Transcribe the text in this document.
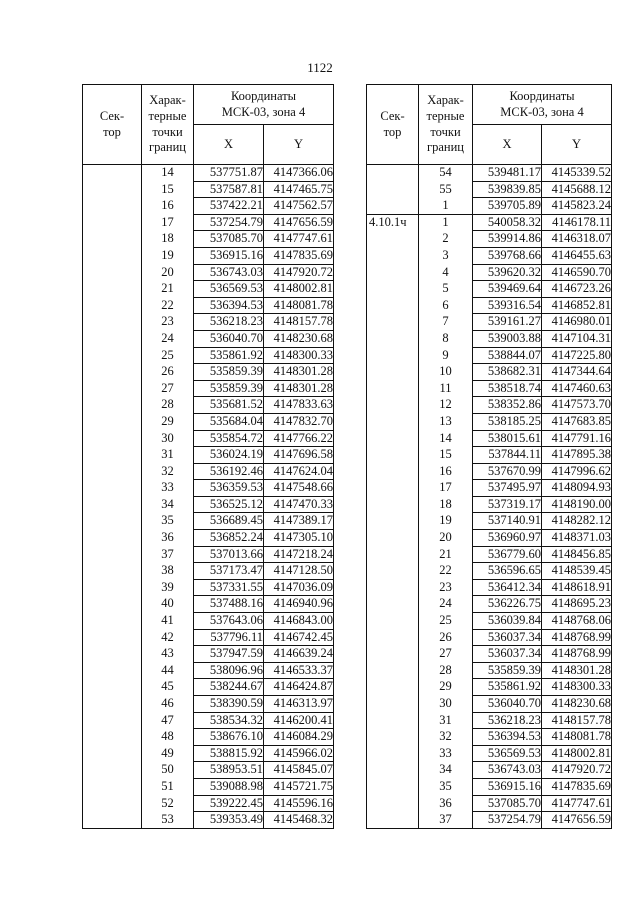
1122
Сек-
тор	Харак-
терные
точки
границ	Координаты
МСК-03, зона 4	
		X	Y
	14	537751.87	4147366.06
	15	537587.81	4147465.75
	16	537422.21	4147562.57
	17	537254.79	4147656.59
	18	537085.70	4147747.61
	19	536915.16	4147835.69
	20	536743.03	4147920.72
	21	536569.53	4148002.81
	22	536394.53	4148081.78
	23	536218.23	4148157.78
	24	536040.70	4148230.68
	25	535861.92	4148300.33
	26	535859.39	4148301.28
	27	535859.39	4148301.28
	28	535681.52	4147833.63
	29	535684.04	4147832.70
	30	535854.72	4147766.22
	31	536024.19	4147696.58
	32	536192.46	4147624.04
	33	536359.53	4147548.66
	34	536525.12	4147470.33
	35	536689.45	4147389.17
	36	536852.24	4147305.10
	37	537013.66	4147218.24
	38	537173.47	4147128.50
	39	537331.55	4147036.09
	40	537488.16	4146940.96
	41	537643.06	4146843.00
	42	537796.11	4146742.45
	43	537947.59	4146639.24
	44	538096.96	4146533.37
	45	538244.67	4146424.87
	46	538390.59	4146313.97
	47	538534.32	4146200.41
	48	538676.10	4146084.29
	49	538815.92	4145966.02
	50	538953.51	4145845.07
	51	539088.98	4145721.75
	52	539222.45	4145596.16
	53	539353.49	4145468.32
Сек-
тор	Харак-
терные
точки
границ	Координаты
МСК-03, зона 4	
		X	Y
	54	539481.17	4145339.52
	55	539839.85	4145688.12
	1	539705.89	4145823.24
4.10.1ч	1	540058.32	4146178.11
	2	539914.86	4146318.07
	3	539768.66	4146455.63
	4	539620.32	4146590.70
	5	539469.64	4146723.26
	6	539316.54	4146852.81
	7	539161.27	4146980.01
	8	539003.88	4147104.31
	9	538844.07	4147225.80
	10	538682.31	4147344.64
	11	538518.74	4147460.63
	12	538352.86	4147573.70
	13	538185.25	4147683.85
	14	538015.61	4147791.16
	15	537844.11	4147895.38
	16	537670.99	4147996.62
	17	537495.97	4148094.93
	18	537319.17	4148190.00
	19	537140.91	4148282.12
	20	536960.97	4148371.03
	21	536779.60	4148456.85
	22	536596.65	4148539.45
	23	536412.34	4148618.91
	24	536226.75	4148695.23
	25	536039.84	4148768.06
	26	536037.34	4148768.99
	27	536037.34	4148768.99
	28	535859.39	4148301.28
	29	535861.92	4148300.33
	30	536040.70	4148230.68
	31	536218.23	4148157.78
	32	536394.53	4148081.78
	33	536569.53	4148002.81
	34	536743.03	4147920.72
	35	536915.16	4147835.69
	36	537085.70	4147747.61
	37	537254.79	4147656.59
